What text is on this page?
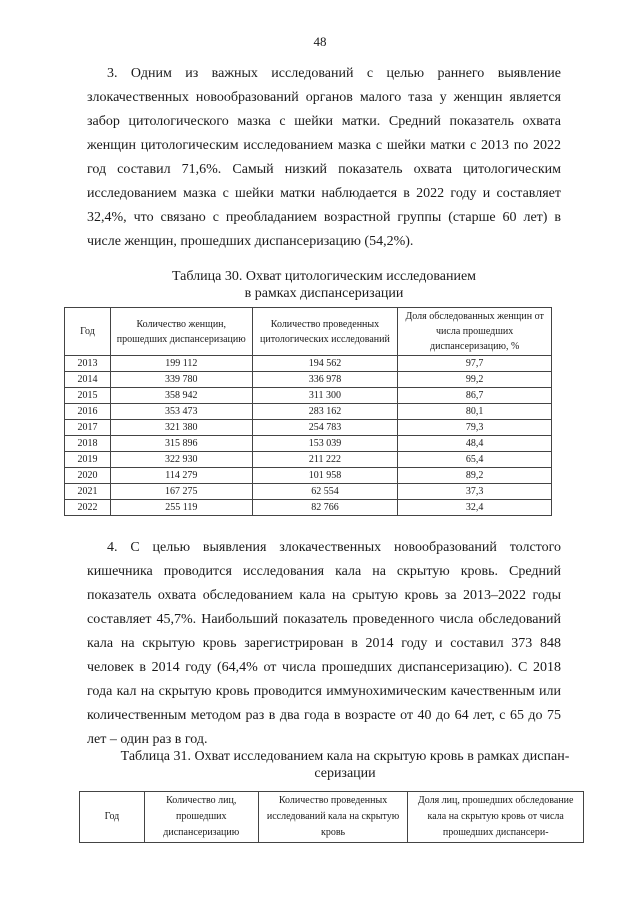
48

3. Одним из важных исследований с целью раннего выявление злокачественных новообразований органов малого таза у женщин является забор цитологического мазка с шейки матки. Средний показатель охвата женщин цитологическим исследованием мазка с шейки матки с 2013 по 2022 год составил 71,6%. Самый низкий показатель охвата цитологическим исследованием мазка с шейки матки наблюдается в 2022 году и составляет 32,4%, что связано с преобладанием возрастной группы (старше 60 лет) в числе женщин, прошедших диспансеризацию (54,2%).

Таблица 30. Охват цитологическим исследованием
в рамках диспансеризации
Год	Количество женщин, прошедших диспансеризацию	Количество проведенных цитологических исследований	Доля обследованных женщин от числа прошедших диспансеризацию, %
2013	199 112	194 562	97,7
2014	339 780	336 978	99,2
2015	358 942	311 300	86,7
2016	353 473	283 162	80,1
2017	321 380	254 783	79,3
2018	315 896	153 039	48,4
2019	322 930	211 222	65,4
2020	114 279	101 958	89,2
2021	167 275	62 554	37,3
2022	255 119	82 766	32,4

4. С целью выявления злокачественных новообразований толстого кишечника проводится исследования кала на скрытую кровь. Средний показатель охвата обследованием кала на срытую кровь за 2013–2022 годы составляет 45,7%. Наибольший показатель проведенного числа обследований кала на скрытую кровь зарегистрирован в 2014 году и составил 373 848 человек в 2014 году (64,4% от числа прошедших диспансеризацию). С 2018 года кал на скрытую кровь проводится иммунохимическим качественным или количественным методом раз в два года в возрасте от 40 до 64 лет, с 65 до 75 лет – один раз в год.

Таблица 31. Охват исследованием кала на скрытую кровь в рамках диспан-
серизации
Год	Количество лиц, прошедших диспансеризацию	Количество проведенных исследований кала на скрытую кровь	Доля лиц, прошедших обследование кала на скрытую кровь от числа прошедших диспансери-
